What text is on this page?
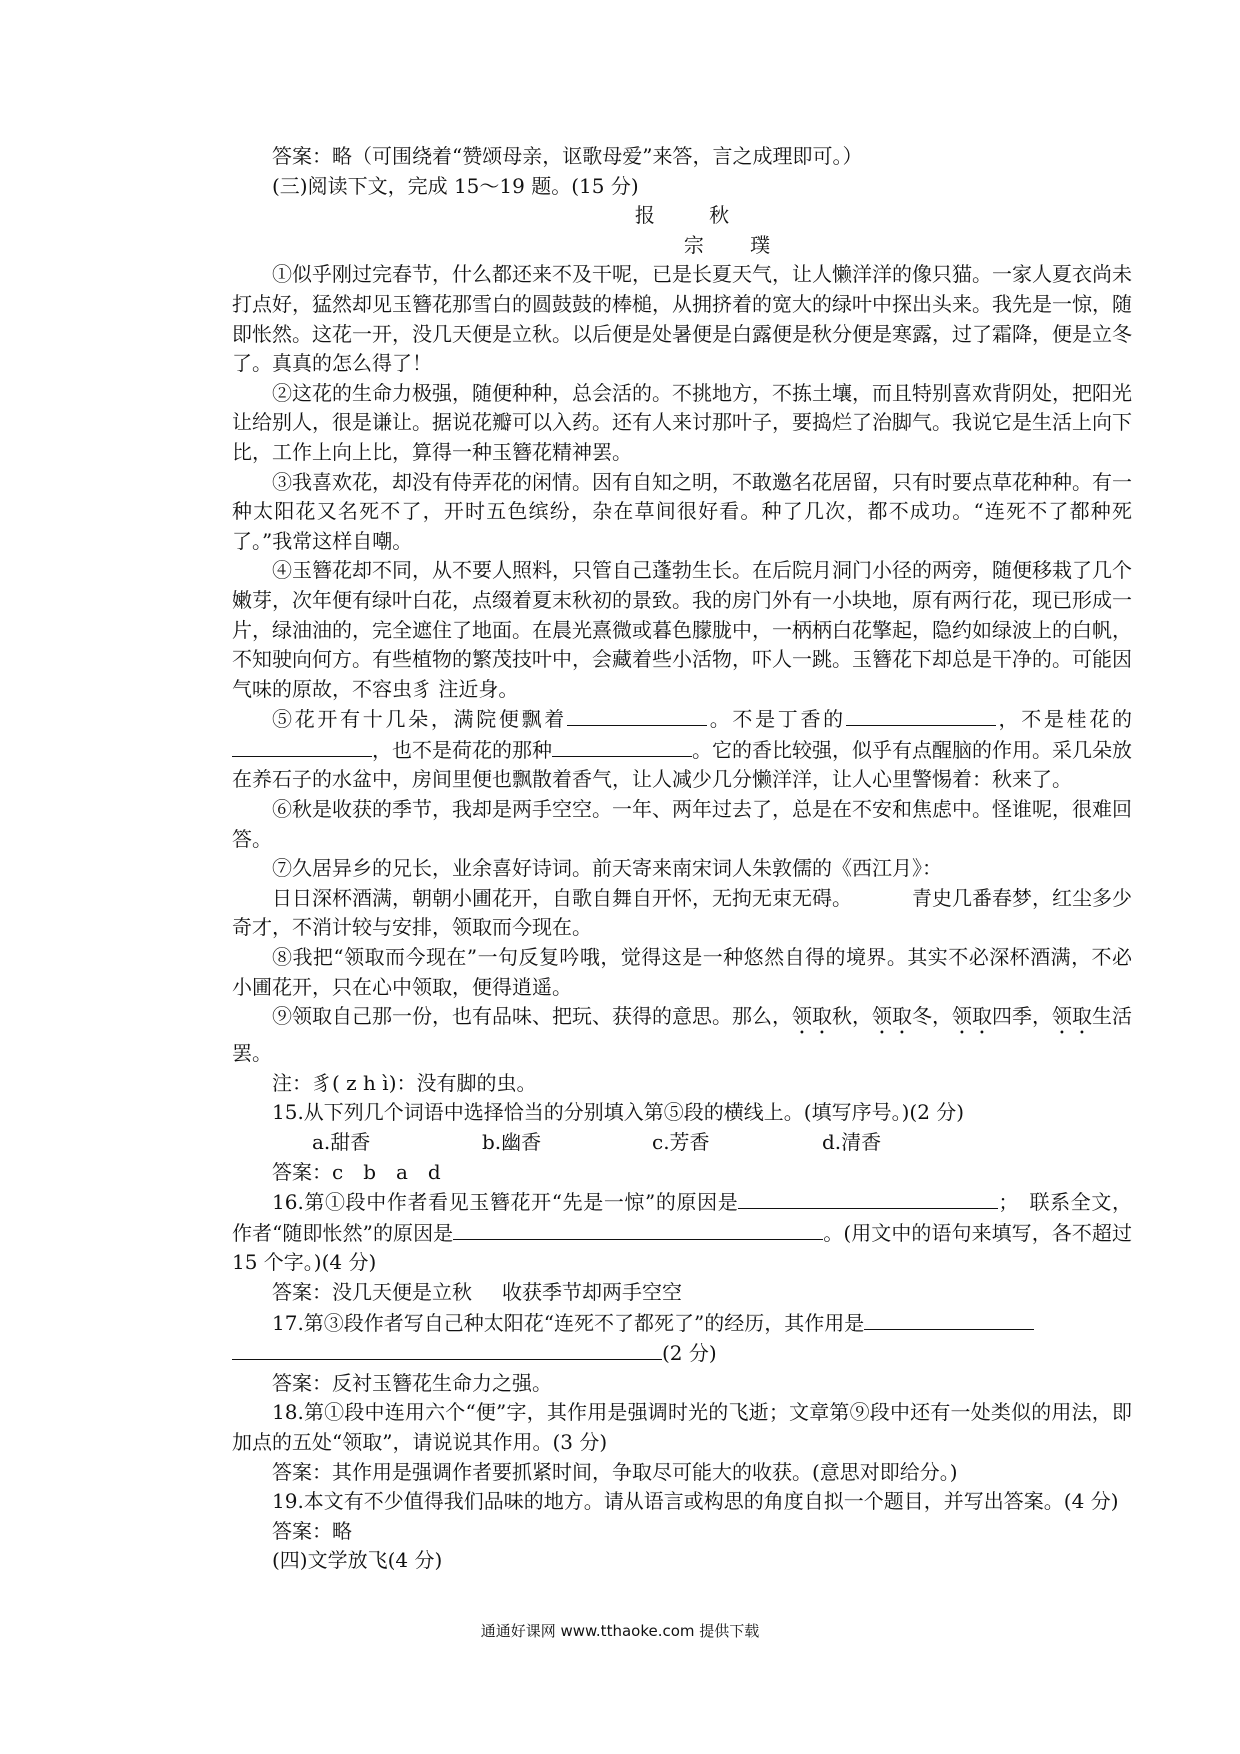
答案：略（可围绕着“赞颂母亲，讴歌母爱”来答，言之成理即可。）

(三)阅读下文，完成 15～19 题。(15 分)

报 秋
宗 璞

①似乎刚过完春节，什么都还来不及干呢，已是长夏天气，让人懒洋洋的像只猫。一家人夏衣尚未打点好，猛然却见玉簪花那雪白的圆鼓鼓的棒槌，从拥挤着的宽大的绿叶中探出头来。我先是一惊，随即怅然。这花一开，没几天便是立秋。以后便是处暑便是白露便是秋分便是寒露，过了霜降，便是立冬了。真真的怎么得了！

②这花的生命力极强，随便种种，总会活的。不挑地方，不拣土壤，而且特别喜欢背阴处，把阳光让给别人，很是谦让。据说花瓣可以入药。还有人来讨那叶子，要捣烂了治脚气。我说它是生活上向下比，工作上向上比，算得一种玉簪花精神罢。

③我喜欢花，却没有侍弄花的闲情。因有自知之明，不敢邀名花居留，只有时要点草花种种。有一种太阳花又名死不了，开时五色缤纷，杂在草间很好看。种了几次，都不成功。“连死不了都种死了。”我常这样自嘲。

④玉簪花却不同，从不要人照料，只管自己蓬勃生长。在后院月洞门小径的两旁，随便移栽了几个嫩芽，次年便有绿叶白花，点缀着夏末秋初的景致。我的房门外有一小块地，原有两行花，现已形成一片，绿油油的，完全遮住了地面。在晨光熹微或暮色朦胧中，一柄柄白花擎起，隐约如绿波上的白帆，不知驶向何方。有些植物的繁茂技叶中，会藏着些小活物，吓人一跳。玉簪花下却总是干净的。可能因气味的原故，不容虫豸 注近身。

⑤花开有十几朵，满院便飘着	。不是丁香的	，不是桂花的，也不是荷花的那种	。它的香比较强，似乎有点醒脑的作用。采几朵放在养石子的水盆中，房间里便也飘散着香气，让人减少几分懒洋洋，让人心里警惕着：秋来了。

⑥秋是收获的季节，我却是两手空空。一年、两年过去了，总是在不安和焦虑中。怪谁呢，很难回答。

⑦久居异乡的兄长，业余喜好诗词。前天寄来南宋词人朱敦儒的《西江月》：

日日深杯酒满，朝朝小圃花开，自歌自舞自开怀，无拘无束无碍。	青史几番春梦，红尘多少奇才，不消计较与安排，领取而今现在。

⑧我把“领取而今现在”一句反复吟哦，觉得这是一种悠然自得的境界。其实不必深杯酒满，不必小圃花开，只在心中领取，便得逍遥。

⑨领取自己那一份，也有品味、把玩、获得的意思。那么，领取秋，领取冬，领取四季，领取生活罢。

注：豸( z h ì)：没有脚的虫。

15.从下列几个词语中选择恰当的分别填入第⑤段的横线上。(填写序号。)(2 分)

a.甜香	b.幽香	c.芳香	d.清香

答案：c　b　a　d

16.第①段中作者看见玉簪花开“先是一惊”的原因是	；　联系全文，作者“随即怅然”的原因是	。(用文中的语句来填写，各不超过 15 个字。)(4 分)

答案：没几天便是立秋 收获季节却两手空空

17.第③段作者写自己种太阳花“连死不了都死了”的经历，其作用是

(2 分)

答案：反衬玉簪花生命力之强。

18.第①段中连用六个“便”字，其作用是强调时光的飞逝；文章第⑨段中还有一处类似的用法，即加点的五处“领取”，请说说其作用。(3 分)

答案：其作用是强调作者要抓紧时间，争取尽可能大的收获。(意思对即给分。)

19.本文有不少值得我们品味的地方。请从语言或构思的角度自拟一个题目，并写出答案。(4 分)

答案：略

(四)文学放飞(4 分)

通通好课网 www.tthaoke.com 提供下载
